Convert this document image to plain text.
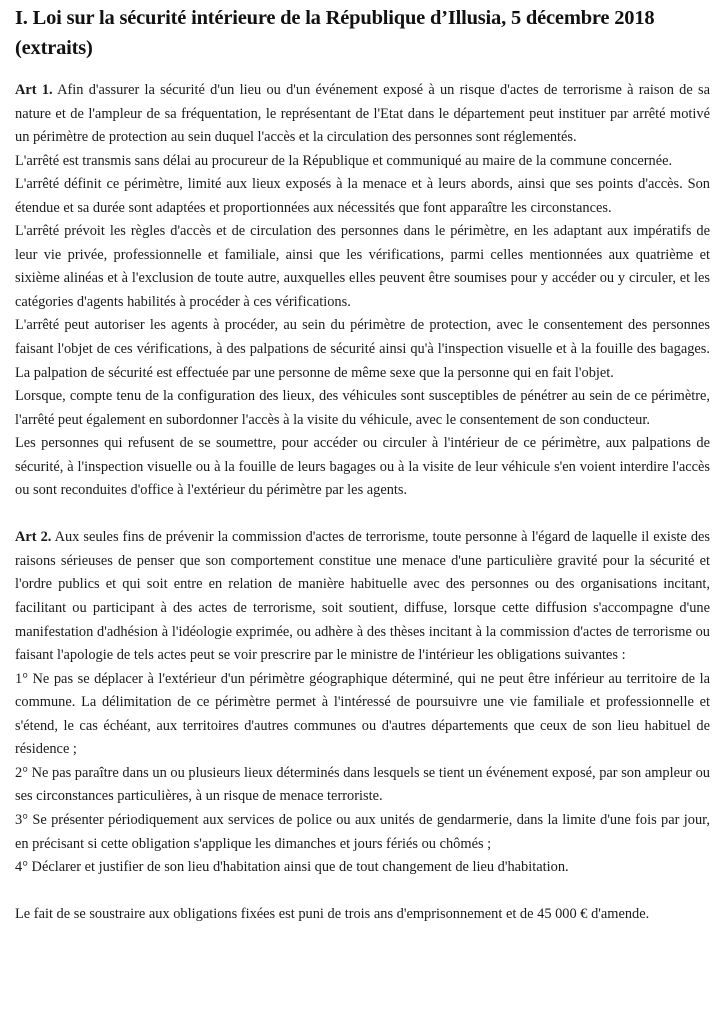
I. Loi sur la sécurité intérieure de la République d’Illusia, 5 décembre 2018 (extraits)

Art 1. Afin d'assurer la sécurité d'un lieu ou d'un événement exposé à un risque d'actes de terrorisme à raison de sa nature et de l'ampleur de sa fréquentation, le représentant de l'Etat dans le département peut instituer par arrêté motivé un périmètre de protection au sein duquel l'accès et la circulation des personnes sont réglementés.

L'arrêté est transmis sans délai au procureur de la République et communiqué au maire de la commune concernée.

L'arrêté définit ce périmètre, limité aux lieux exposés à la menace et à leurs abords, ainsi que ses points d'accès. Son étendue et sa durée sont adaptées et proportionnées aux nécessités que font apparaître les circonstances.

L'arrêté prévoit les règles d'accès et de circulation des personnes dans le périmètre, en les adaptant aux impératifs de leur vie privée, professionnelle et familiale, ainsi que les vérifications, parmi celles mentionnées aux quatrième et sixième alinéas et à l'exclusion de toute autre, auxquelles elles peuvent être soumises pour y accéder ou y circuler, et les catégories d'agents habilités à procéder à ces vérifications.

L'arrêté peut autoriser les agents à procéder, au sein du périmètre de protection, avec le consentement des personnes faisant l'objet de ces vérifications, à des palpations de sécurité ainsi qu'à l'inspection visuelle et à la fouille des bagages. La palpation de sécurité est effectuée par une personne de même sexe que la personne qui en fait l'objet.

Lorsque, compte tenu de la configuration des lieux, des véhicules sont susceptibles de pénétrer au sein de ce périmètre, l'arrêté peut également en subordonner l'accès à la visite du véhicule, avec le consentement de son conducteur.

Les personnes qui refusent de se soumettre, pour accéder ou circuler à l'intérieur de ce périmètre, aux palpations de sécurité, à l'inspection visuelle ou à la fouille de leurs bagages ou à la visite de leur véhicule s'en voient interdire l'accès ou sont reconduites d'office à l'extérieur du périmètre par les agents.

Art 2. Aux seules fins de prévenir la commission d'actes de terrorisme, toute personne à l'égard de laquelle il existe des raisons sérieuses de penser que son comportement constitue une menace d'une particulière gravité pour la sécurité et l'ordre publics et qui soit entre en relation de manière habituelle avec des personnes ou des organisations incitant, facilitant ou participant à des actes de terrorisme, soit soutient, diffuse, lorsque cette diffusion s'accompagne d'une manifestation d'adhésion à l'idéologie exprimée, ou adhère à des thèses incitant à la commission d'actes de terrorisme ou faisant l'apologie de tels actes peut se voir prescrire par le ministre de l'intérieur les obligations suivantes :

1° Ne pas se déplacer à l'extérieur d'un périmètre géographique déterminé, qui ne peut être inférieur au territoire de la commune. La délimitation de ce périmètre permet à l'intéressé de poursuivre une vie familiale et professionnelle et s'étend, le cas échéant, aux territoires d'autres communes ou d'autres départements que ceux de son lieu habituel de résidence ;

2° Ne pas paraître dans un ou plusieurs lieux déterminés dans lesquels se tient un événement exposé, par son ampleur ou ses circonstances particulières, à un risque de menace terroriste.

3° Se présenter périodiquement aux services de police ou aux unités de gendarmerie, dans la limite d'une fois par jour, en précisant si cette obligation s'applique les dimanches et jours fériés ou chômés ;

4° Déclarer et justifier de son lieu d'habitation ainsi que de tout changement de lieu d'habitation.

Le fait de se soustraire aux obligations fixées est puni de trois ans d'emprisonnement et de 45 000 € d'amende.
